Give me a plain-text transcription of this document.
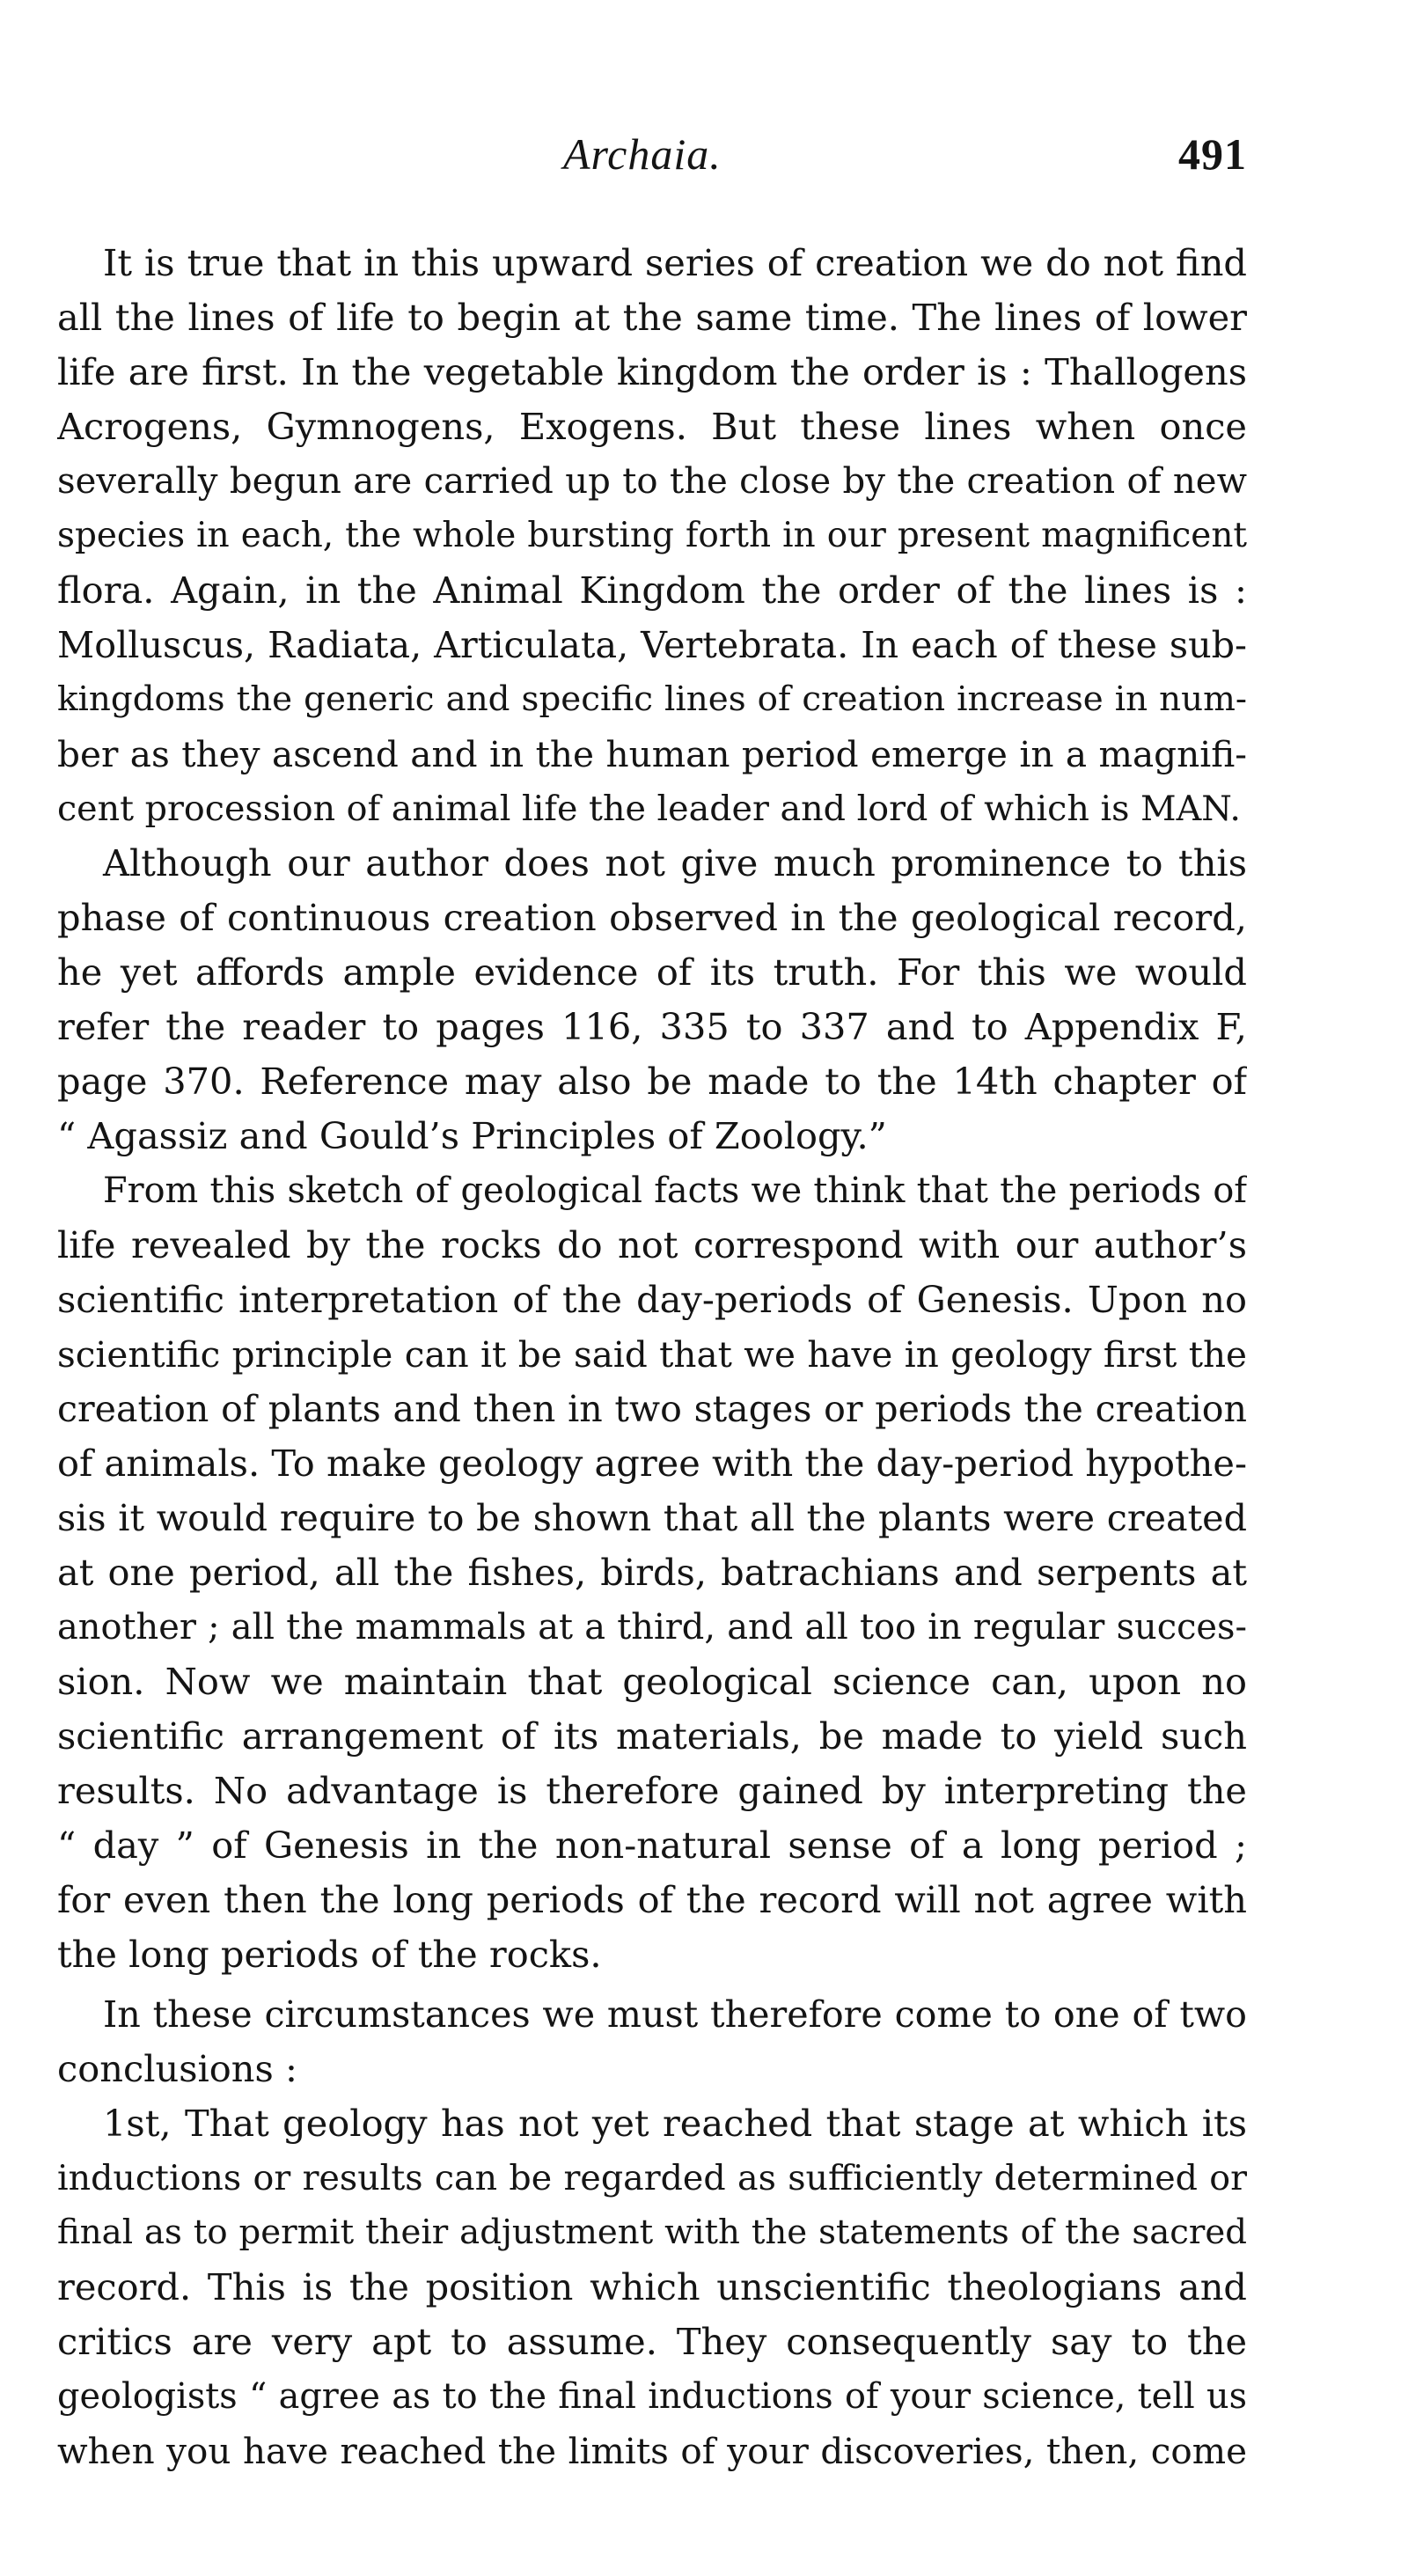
Archaia.	491
It is true that in this upward series of creation we do not find
all the lines of life to begin at the same time. The lines of lower
life are first. In the vegetable kingdom the order is : Thallogens
Acrogens, Gymnogens, Exogens. But these lines when once
severally begun are carried up to the close by the creation of new
species in each, the whole bursting forth in our present magnificent
flora. Again, in the Animal Kingdom the order of the lines is :
Molluscus, Radiata, Articulata, Vertebrata. In each of these sub-
kingdoms the generic and specific lines of creation increase in num-
ber as they ascend and in the human period emerge in a magnifi-
cent procession of animal life the leader and lord of which is MAN.
Although our author does not give much prominence to this
phase of continuous creation observed in the geological record,
he yet affords ample evidence of its truth. For this we would
refer the reader to pages 116, 335 to 337 and to Appendix F,
page 370. Reference may also be made to the 14th chapter of
“ Agassiz and Gould’s Principles of Zoology.”
From this sketch of geological facts we think that the periods of
life revealed by the rocks do not correspond with our author’s
scientific interpretation of the day-periods of Genesis. Upon no
scientific principle can it be said that we have in geology first the
creation of plants and then in two stages or periods the creation
of animals. To make geology agree with the day-period hypothe-
sis it would require to be shown that all the plants were created
at one period, all the fishes, birds, batrachians and serpents at
another ; all the mammals at a third, and all too in regular succes-
sion. Now we maintain that geological science can, upon no
scientific arrangement of its materials, be made to yield such
results. No advantage is therefore gained by interpreting the
“ day ” of Genesis in the non-natural sense of a long period ;
for even then the long periods of the record will not agree with
the long periods of the rocks.
In these circumstances we must therefore come to one of two
conclusions :
1st, That geology has not yet reached that stage at which its
inductions or results can be regarded as sufficiently determined or
final as to permit their adjustment with the statements of the sacred
record. This is the position which unscientific theologians and
critics are very apt to assume. They consequently say to the
geologists “ agree as to the final inductions of your science, tell us
when you have reached the limits of your discoveries, then, come
